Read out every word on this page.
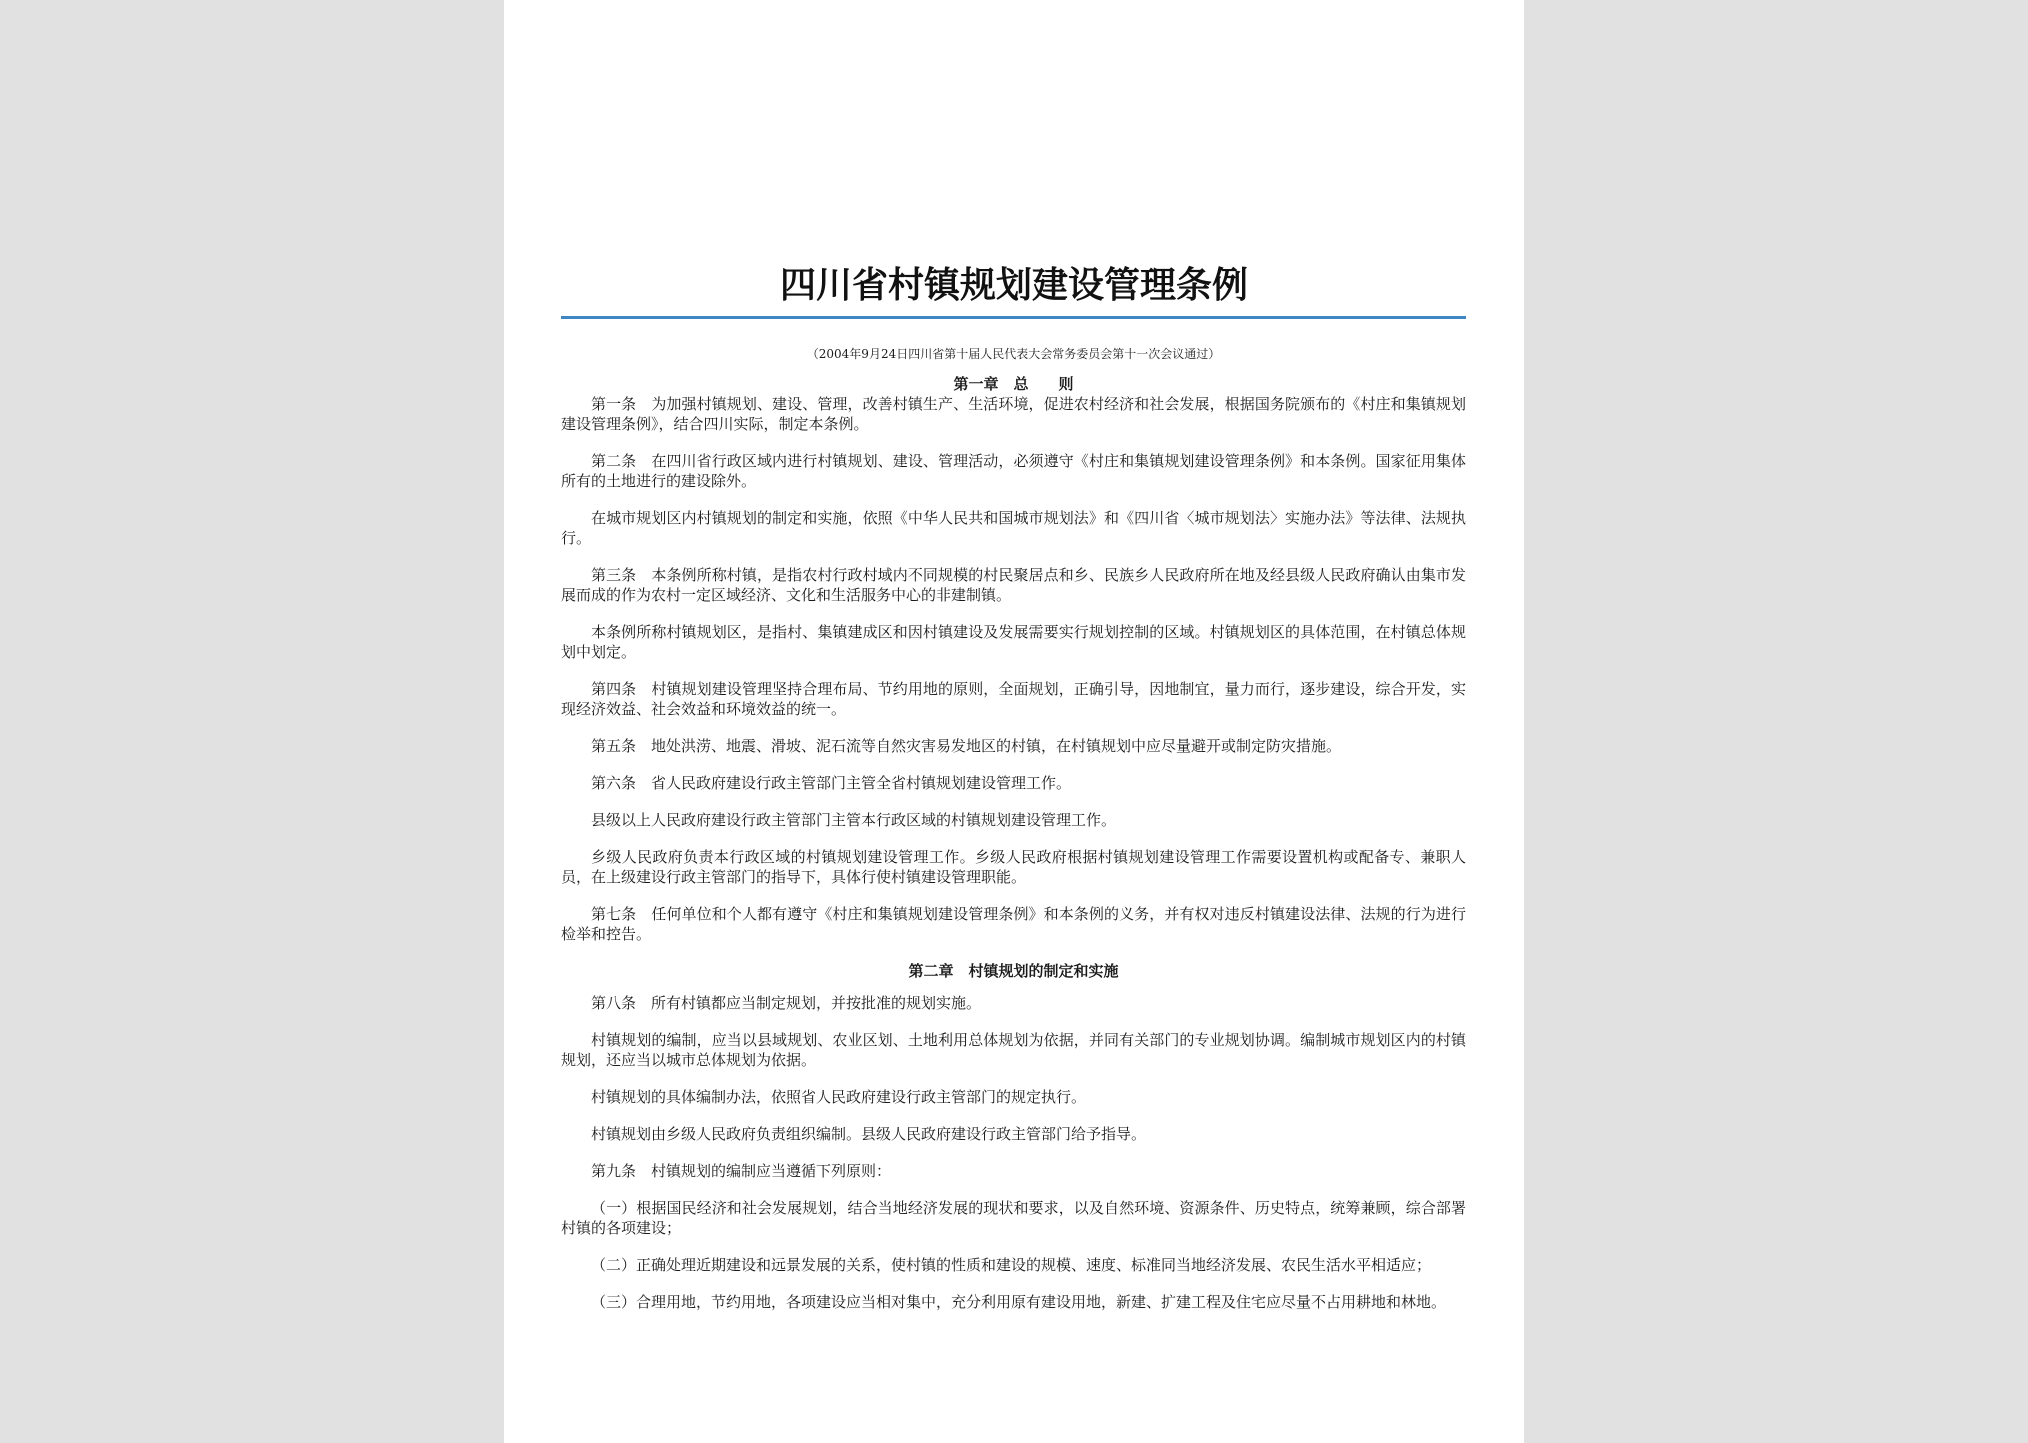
四川省村镇规划建设管理条例

（2004年9月24日四川省第十届人民代表大会常务委员会第十一次会议通过）

第一章　总　　则

第一条　为加强村镇规划、建设、管理，改善村镇生产、生活环境，促进农村经济和社会发展，根据国务院颁布的《村庄和集镇规划建设管理条例》，结合四川实际，制定本条例。

第二条　在四川省行政区域内进行村镇规划、建设、管理活动，必须遵守《村庄和集镇规划建设管理条例》和本条例。国家征用集体所有的土地进行的建设除外。

在城市规划区内村镇规划的制定和实施，依照《中华人民共和国城市规划法》和《四川省〈城市规划法〉实施办法》等法律、法规执行。

第三条　本条例所称村镇，是指农村行政村域内不同规模的村民聚居点和乡、民族乡人民政府所在地及经县级人民政府确认由集市发展而成的作为农村一定区域经济、文化和生活服务中心的非建制镇。

本条例所称村镇规划区，是指村、集镇建成区和因村镇建设及发展需要实行规划控制的区域。村镇规划区的具体范围，在村镇总体规划中划定。

第四条　村镇规划建设管理坚持合理布局、节约用地的原则，全面规划，正确引导，因地制宜，量力而行，逐步建设，综合开发，实现经济效益、社会效益和环境效益的统一。

第五条　地处洪涝、地震、滑坡、泥石流等自然灾害易发地区的村镇，在村镇规划中应尽量避开或制定防灾措施。

第六条　省人民政府建设行政主管部门主管全省村镇规划建设管理工作。

县级以上人民政府建设行政主管部门主管本行政区域的村镇规划建设管理工作。

乡级人民政府负责本行政区域的村镇规划建设管理工作。乡级人民政府根据村镇规划建设管理工作需要设置机构或配备专、兼职人员，在上级建设行政主管部门的指导下，具体行使村镇建设管理职能。

第七条　任何单位和个人都有遵守《村庄和集镇规划建设管理条例》和本条例的义务，并有权对违反村镇建设法律、法规的行为进行检举和控告。

第二章　村镇规划的制定和实施

第八条　所有村镇都应当制定规划，并按批准的规划实施。

村镇规划的编制，应当以县域规划、农业区划、土地利用总体规划为依据，并同有关部门的专业规划协调。编制城市规划区内的村镇规划，还应当以城市总体规划为依据。

村镇规划的具体编制办法，依照省人民政府建设行政主管部门的规定执行。

村镇规划由乡级人民政府负责组织编制。县级人民政府建设行政主管部门给予指导。

第九条　村镇规划的编制应当遵循下列原则：

（一）根据国民经济和社会发展规划，结合当地经济发展的现状和要求，以及自然环境、资源条件、历史特点，统筹兼顾，综合部署村镇的各项建设；

（二）正确处理近期建设和远景发展的关系，使村镇的性质和建设的规模、速度、标准同当地经济发展、农民生活水平相适应；

（三）合理用地，节约用地，各项建设应当相对集中，充分利用原有建设用地，新建、扩建工程及住宅应尽量不占用耕地和林地。
